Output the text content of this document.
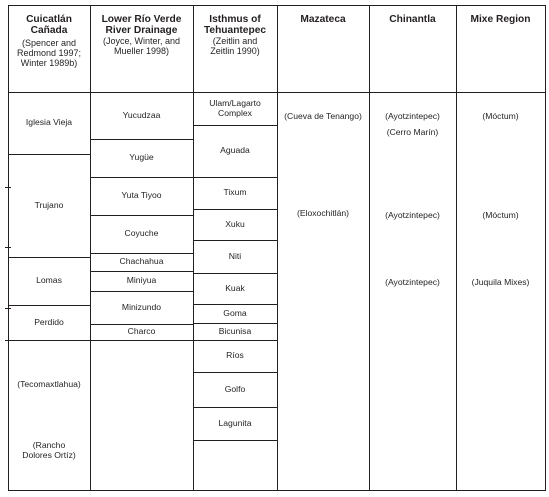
Cuicatlán Cañada
(Spencer and Redmond 1997; Winter 1989b)
Lower Río Verde River Drainage
(Joyce, Winter, and Mueller 1998)
Isthmus of Tehuantepec
(Zeitlin and Zeitlin 1990)
Mazateca	Chinantla	Mixe Region
Iglesia Vieja
Trujano
Lomas
Perdido
(Tecomaxtlahua)
(Rancho Dolores Ortíz)
Yucudzaa
Yugüe
Yuta Tiyoo
Coyuche
Chachahua
Miniyua
Minizundo
Charco
Ulam/Lagarto Complex
Aguada
Tixum
Xuku
Niti
Kuak
Goma
Bicunisa
Ríos
Golfo
Lagunita
(Cueva de Tenango)
(Eloxochitlán)
(Ayotzintepec)
(Cerro Marín)
(Ayotzintepec)
(Ayotzintepec)
(Móctum)
(Móctum)
(Juquila Mixes)
